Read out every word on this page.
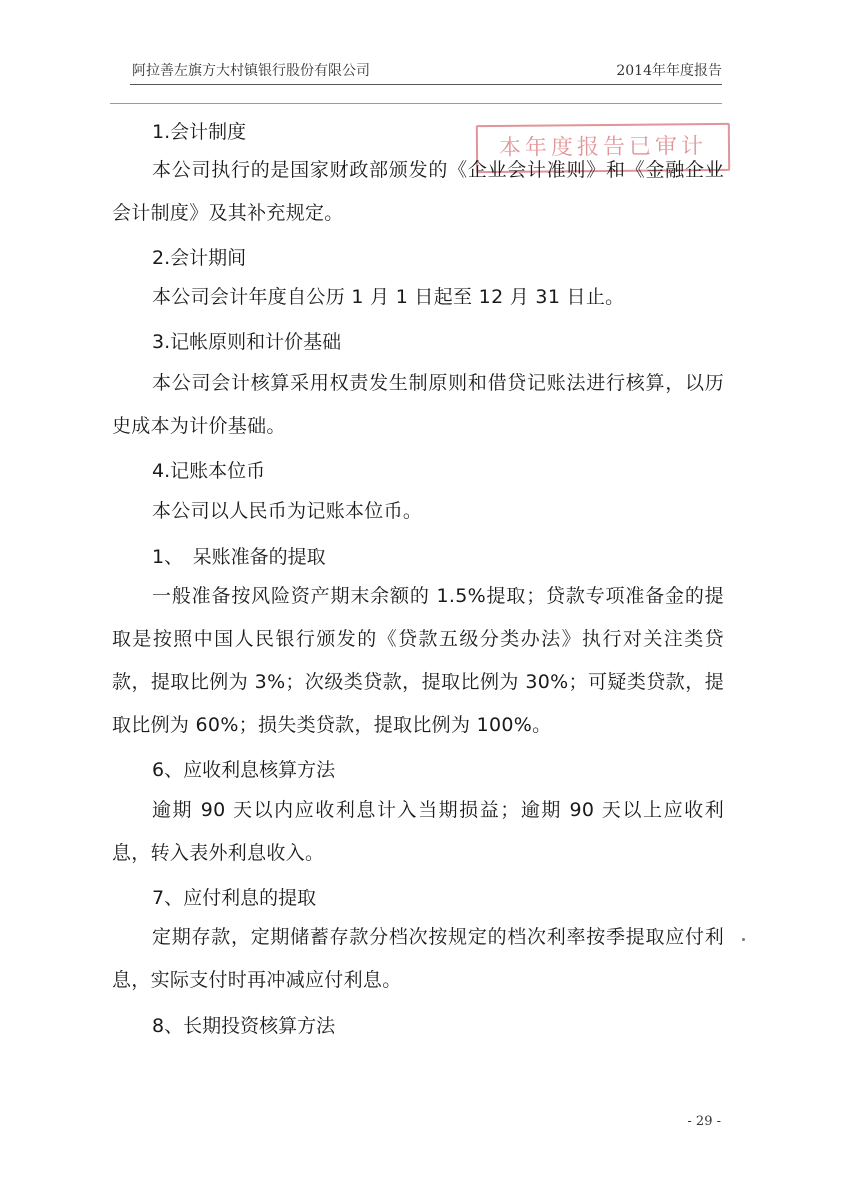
阿拉善左旗方大村镇银行股份有限公司	2014年年度报告
本年度报告已审计
1.会计制度
本公司执行的是国家财政部颁发的《企业会计准则》和《金融企业会计制度》及其补充规定。
2.会计期间
本公司会计年度自公历 1 月 1 日起至 12 月 31 日止。
3.记帐原则和计价基础
本公司会计核算采用权责发生制原则和借贷记账法进行核算，以历史成本为计价基础。
4.记账本位币
本公司以人民币为记账本位币。
1、　呆账准备的提取
一般准备按风险资产期末余额的 1.5%提取；贷款专项准备金的提取是按照中国人民银行颁发的《贷款五级分类办法》执行对关注类贷款，提取比例为 3%；次级类贷款，提取比例为 30%；可疑类贷款，提取比例为 60%；损失类贷款，提取比例为 100%。
6、应收利息核算方法
逾期 90 天以内应收利息计入当期损益；逾期 90 天以上应收利息，转入表外利息收入。
7、应付利息的提取
定期存款，定期储蓄存款分档次按规定的档次利率按季提取应付利息，实际支付时再冲减应付利息。
8、长期投资核算方法
- 29 -
